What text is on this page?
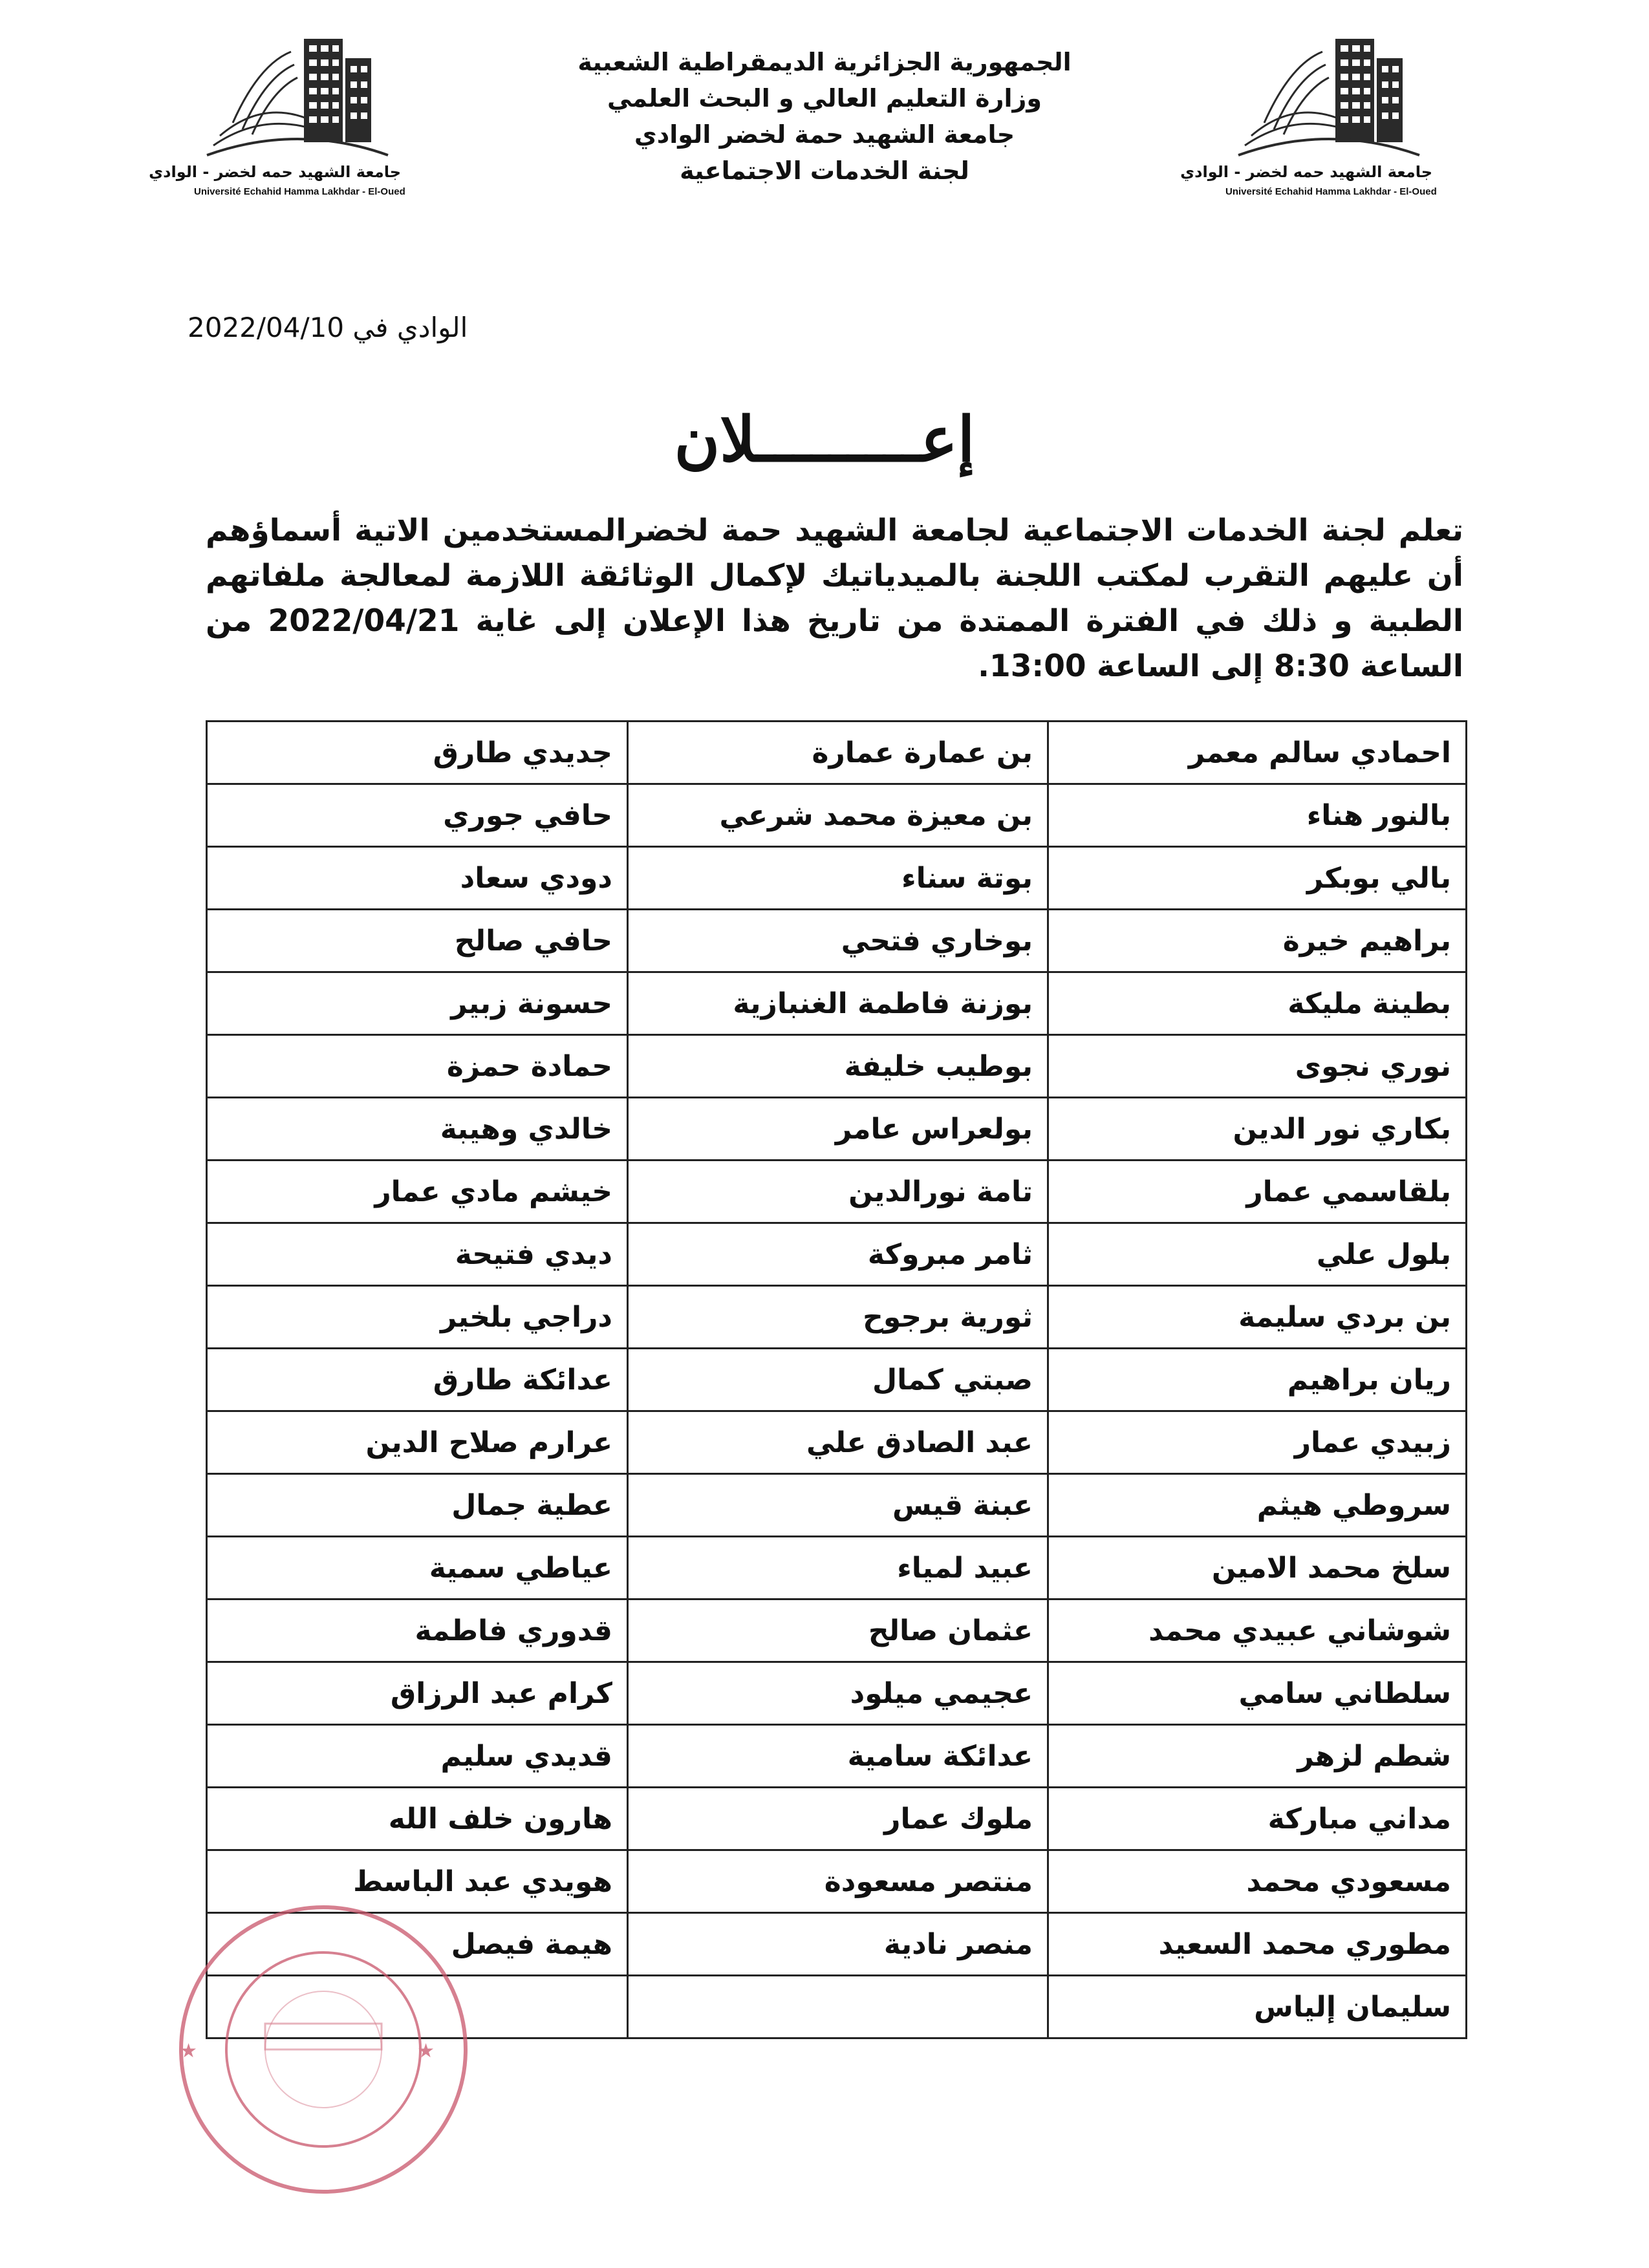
جامعة الشهيد حمه لخضر - الوادي
Université Echahid Hamma Lakhdar - El-Oued
جامعة الشهيد حمه لخضر - الوادي
Université Echahid Hamma Lakhdar - El-Oued
الجمهورية الجزائرية الديمقراطية الشعبية
وزارة التعليم العالي و البحث العلمي
جامعة الشهيد حمة لخضر الوادي
لجنة الخدمات الاجتماعية
الوادي في 2022/04/10
إعـــــــــلان
تعلم لجنة الخدمات الاجتماعية لجامعة الشهيد حمة لخضرالمستخدمين الاتية أسماؤهم أن عليهم التقرب لمكتب اللجنة بالميدياتيك لإكمال الوثائقة اللازمة لمعالجة ملفاتهم الطبية و ذلك في الفترة الممتدة من تاريخ هذا الإعلان إلى غاية 2022/04/21 من الساعة 8:30 إلى الساعة 13:00.
احمادي سالم معمر	بن عمارة عمارة	جديدي طارق
بالنور هناء	بن معيزة محمد شرعي	حافي جوري
بالي بوبكر	بوتة سناء	دودي سعاد
براهيم خيرة	بوخاري فتحي	حافي صالح
بطينة مليكة	بوزنة فاطمة الغنبازية	حسونة زبير
نوري نجوى	بوطيب خليفة	حمادة حمزة
بكاري نور الدين	بولعراس عامر	خالدي وهيبة
بلقاسمي عمار	تامة نورالدين	خيشم مادي عمار
بلول علي	ثامر مبروكة	ديدي فتيحة
بن بردي سليمة	ثورية برجوح	دراجي بلخير
ريان براهيم	صبتي كمال	عدائكة طارق
زبيدي عمار	عبد الصادق علي	عرارم صلاح الدين
سروطي هيثم	عبنة قيس	عطية جمال
سلخ محمد الامين	عبيد لمياء	عياطي سمية
شوشاني عبيدي محمد	عثمان صالح	قدوري فاطمة
سلطاني سامي	عجيمي ميلود	كرام عبد الرزاق
شطم لزهر	عدائكة سامية	قديدي سليم
مداني مباركة	ملوك عمار	هارون خلف الله
مسعودي محمد	منتصر مسعودة	هويدي عبد الباسط
مطوري محمد السعيد	منصر نادية	هيمة فيصل
سليمان إلياس		
★	★
